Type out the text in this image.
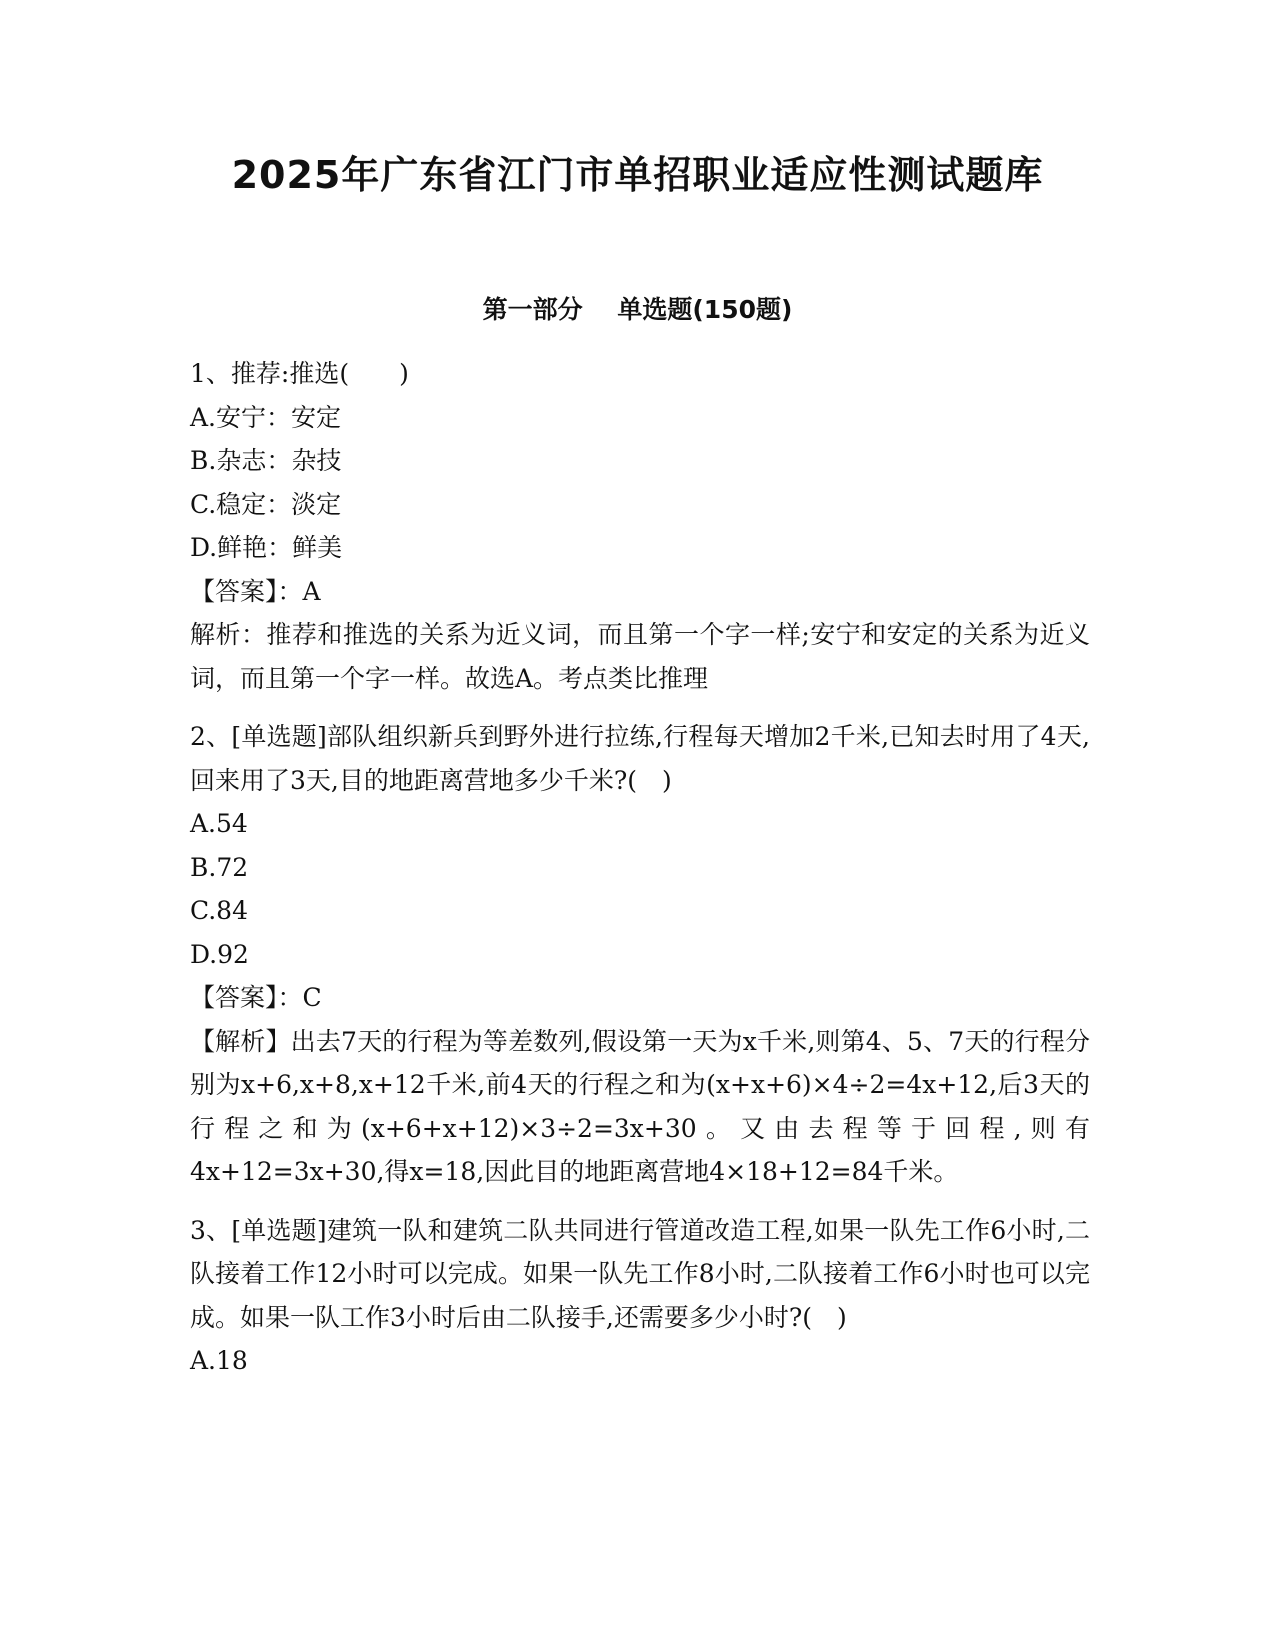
2025年广东省江门市单招职业适应性测试题库
第一部分    单选题(150题)
1、推荐:推选(　　)
A.安宁：安定
B.杂志：杂技
C.稳定：淡定
D.鲜艳：鲜美
【答案】：A
解析：推荐和推选的关系为近义词，而且第一个字一样;安宁和安定的关系为近义词，而且第一个字一样。故选A。考点类比推理
2、[单选题]部队组织新兵到野外进行拉练,行程每天增加2千米,已知去时用了4天,回来用了3天,目的地距离营地多少千米?(　)
A.54
B.72
C.84
D.92
【答案】：C
【解析】出去7天的行程为等差数列,假设第一天为x千米,则第4、5、7天的行程分别为x+6,x+8,x+12千米,前4天的行程之和为(x+x+6)×4÷2=4x+12,后3天的行程之和为(x+6+x+12)×3÷2=3x+30。又由去程等于回程,则有4x+12=3x+30,得x=18,因此目的地距离营地4×18+12=84千米。
3、[单选题]建筑一队和建筑二队共同进行管道改造工程,如果一队先工作6小时,二队接着工作12小时可以完成。如果一队先工作8小时,二队接着工作6小时也可以完成。如果一队工作3小时后由二队接手,还需要多少小时?(　)
A.18
